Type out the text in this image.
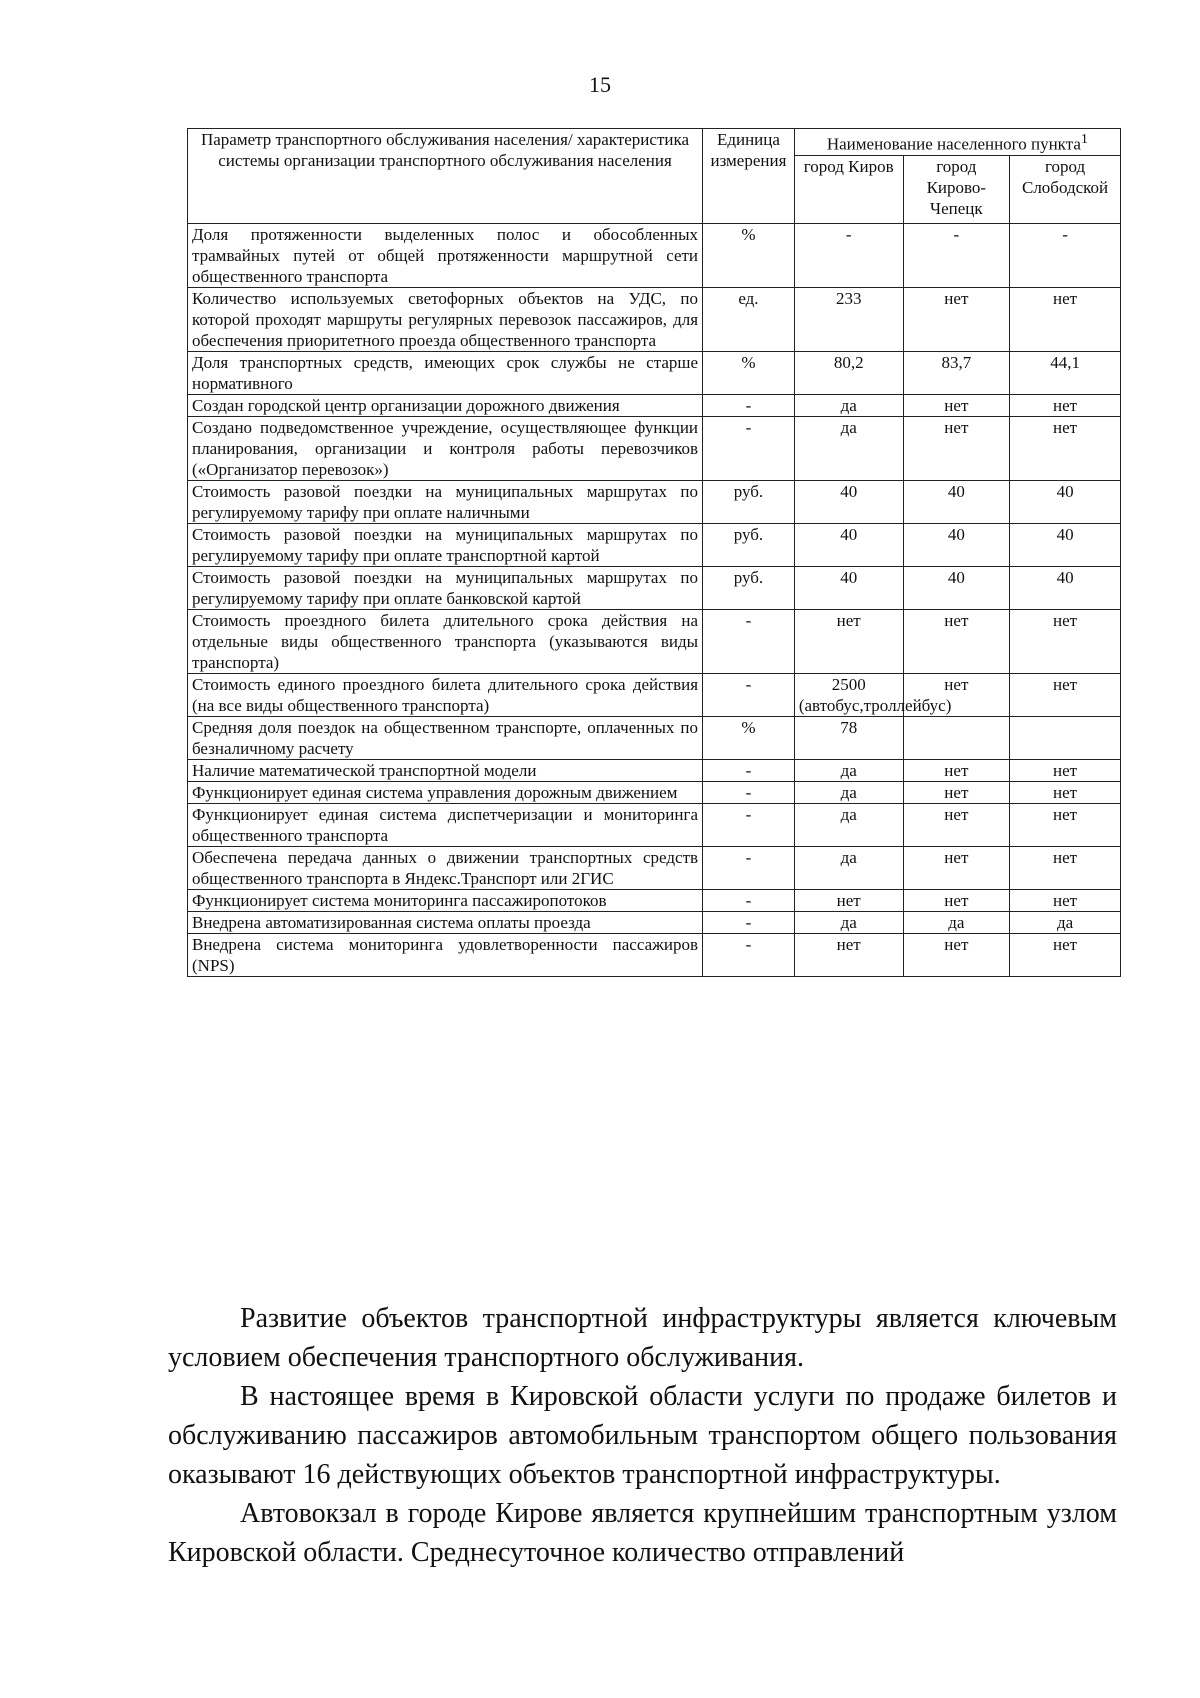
15
Параметр транспортного обслуживания населения/ характеристика системы организации транспортного обслуживания населения	Единица измерения	Наименование населенного пункта$^1$
		город Киров	город Кирово-Чепецк	город Слободской
Доля протяженности выделенных полос и обособленных трамвайных путей от общей протяженности маршрутной сети общественного транспорта	%	-	-	-
Количество используемых светофорных объектов на УДС, по которой проходят маршруты регулярных перевозок пассажиров, для обеспечения приоритетного проезда общественного транспорта	ед.	233	нет	нет
Доля транспортных средств, имеющих срок службы не старше нормативного	%	80,2	83,7	44,1
Создан городской центр организации дорожного движения	-	да	нет	нет
Создано подведомственное учреждение, осуществляющее функции планирования, организации и контроля работы перевозчиков («Организатор перевозок»)	-	да	нет	нет
Стоимость разовой поездки на муниципальных маршрутах по регулируемому тарифу при оплате наличными	руб.	40	40	40
Стоимость разовой поездки на муниципальных маршрутах по регулируемому тарифу при оплате транспортной картой	руб.	40	40	40
Стоимость разовой поездки на муниципальных маршрутах по регулируемому тарифу при оплате банковской картой	руб.	40	40	40
Стоимость проездного билета длительного срока действия на отдельные виды общественного транспорта (указываются виды транспорта)	-	нет	нет	нет
Стоимость единого проездного билета длительного срока действия (на все виды общественного транспорта)	-	2500 (автобус,троллейбус)	нет	нет
Средняя доля поездок на общественном транспорте, оплаченных по безналичному расчету	%	78		
Наличие математической транспортной модели	-	да	нет	нет
Функционирует единая система управления дорожным движением	-	да	нет	нет
Функционирует единая система диспетчеризации и мониторинга общественного транспорта	-	да	нет	нет
Обеспечена передача данных о движении транспортных средств общественного транспорта в Яндекс.Транспорт или 2ГИС	-	да	нет	нет
Функционирует система мониторинга пассажиропотоков	-	нет	нет	нет
Внедрена автоматизированная система оплаты проезда	-	да	да	да
Внедрена система мониторинга удовлетворенности пассажиров (NPS)	-	нет	нет	нет

Развитие объектов транспортной инфраструктуры является ключевым условием обеспечения транспортного обслуживания.

В настоящее время в Кировской области услуги по продаже билетов и обслуживанию пассажиров автомобильным транспортом общего пользования оказывают 16 действующих объектов транспортной инфраструктуры.

Автовокзал в городе Кирове является крупнейшим транспортным узлом Кировской области. Среднесуточное количество отправлений
